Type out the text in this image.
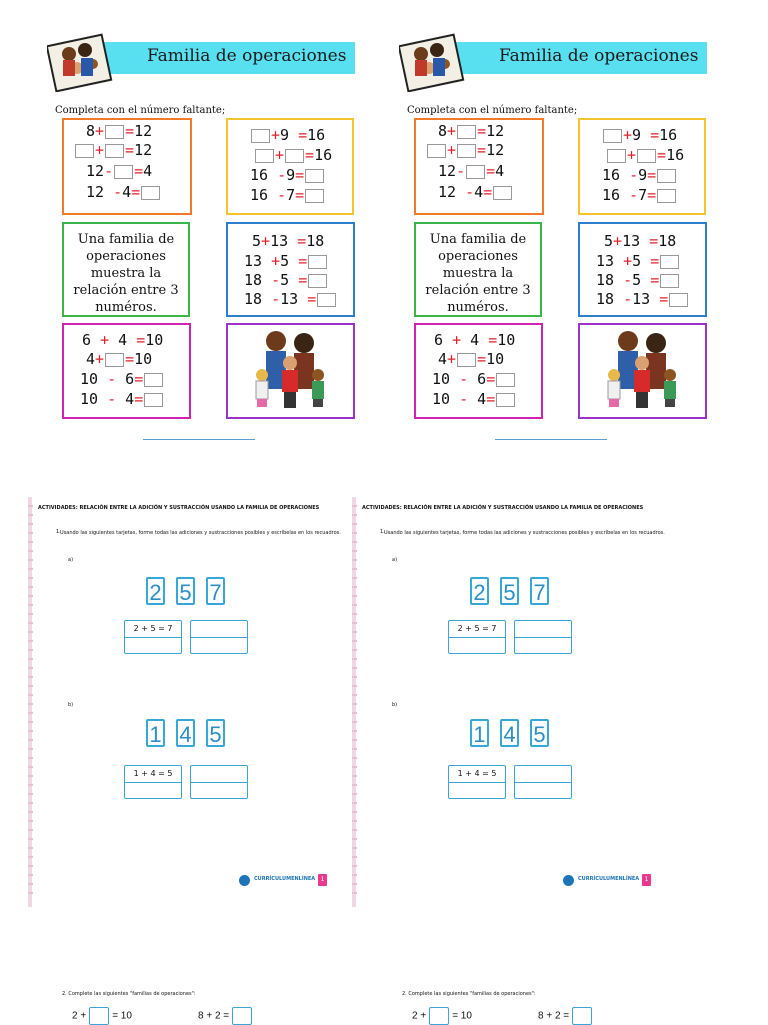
Familia de operaciones
Completa con el número faltante;
8+ =12
+ =12
12- =4
12 -4=
+9 =16
+ =16
16 -9=
16 -7=
Una familia de
operaciones
muestra la
relación entre 3
numéros.
5+13 =18
13 +5 =
18 -5 =
18 -13 =
6 + 4 =10
4+ =10
10 - 6=
10 - 4=
Familia de operaciones
Completa con el número faltante;
8+ =12
+ =12
12- =4
12 -4=
+9 =16
+ =16
16 -9=
16 -7=
Una familia de
operaciones
muestra la
relación entre 3
numéros.
5+13 =18
13 +5 =
18 -5 =
18 -13 =
6 + 4 =10
4+ =10
10 - 6=
10 - 4=
ACTIVIDADES: RELACIÓN ENTRE LA ADICIÓN Y SUSTRACCIÓN USANDO LA FAMILIA DE OPERACIONES
1. Usando las siguientes tarjetas, forme todas las adiciones y sustracciones posibles y escríbelas en los recuadros.
a)
2 5 7
2 + 5 = 7
b)
1 4 5
1 + 4 = 5
CURRÍCULUMENLÍNEA 1
ACTIVIDADES: RELACIÓN ENTRE LA ADICIÓN Y SUSTRACCIÓN USANDO LA FAMILIA DE OPERACIONES
1. Usando las siguientes tarjetas, forme todas las adiciones y sustracciones posibles y escríbelas en los recuadros.
a)
2 5 7
2 + 5 = 7
b)
1 4 5
1 + 4 = 5
CURRÍCULUMENLÍNEA 1
2. Complete las siguientes "familias de operaciones":
2 +	= 10	8 + 2 =
2. Complete las siguientes "familias de operaciones":
2 +	= 10	8 + 2 =
